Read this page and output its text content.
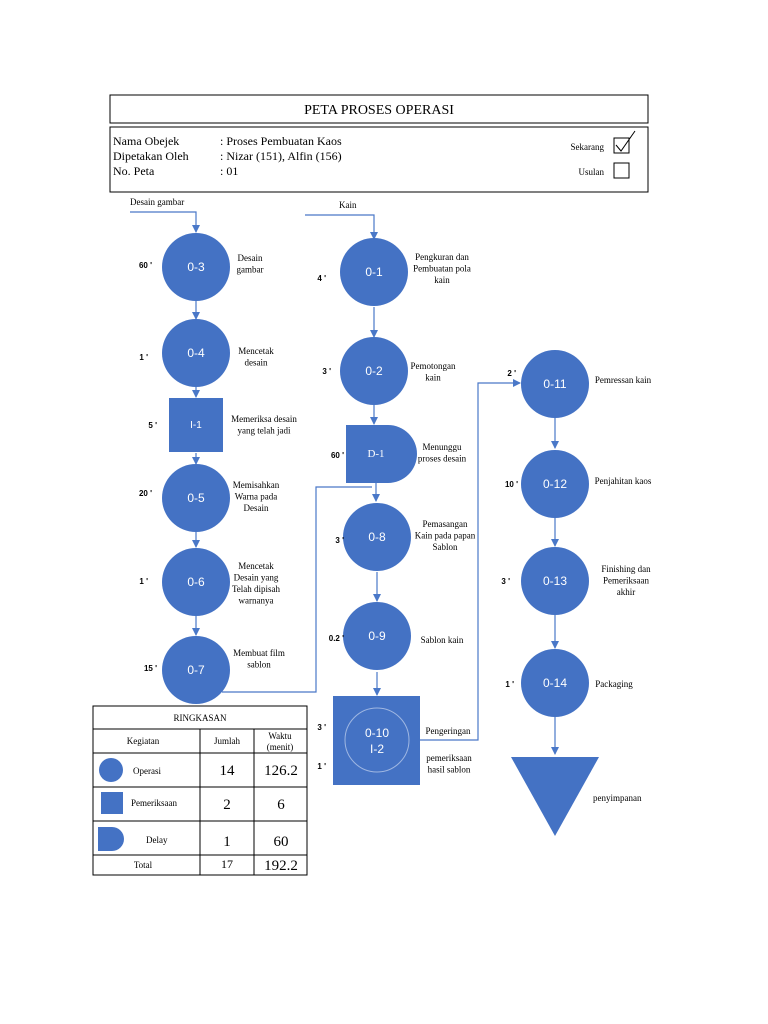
PETA PROSES OPERASI
Nama Obejek	: Proses Pembuatan Kaos
Dipetakan Oleh	: Nizar (151), Alfin (156)
No. Peta	: 01
Sekarang
Usulan
Desain gambar	Kain
0-3
0-4
I-1
0-5
0-6
0-7
0-1
0-2
D-1
0-8
0-9
0-10
I-2
0-11
0-12
0-13
0-14
60 '
1 '
5 '
20 '
1 '
15 '
4 '
3 '
60 '
3 '
0.2 '
3 '
1 '
2 '
10 '
3 '
1 '
Desain gambar
Mencetak desain
Memeriksa desain yang telah jadi
Memisahkan Warna pada Desain
Mencetak Desain yang Telah dipisah warnanya
Membuat film sablon
Pengkuran dan Pembuatan pola kain
Pemotongan kain
Menunggu proses desain
Pemasangan Kain pada papan Sablon
Sablon kain
Pengeringan
pemeriksaan hasil sablon
Pemressan kain
Penjahitan kaos
Finishing dan Pemeriksaan akhir
Packaging
penyimpanan
RINGKASAN
Kegiatan	Jumlah	Waktu
(menit)
Operasi	14 126.2
Pemeriksaan	2	6
Delay	1	60
Total	17 192.2
